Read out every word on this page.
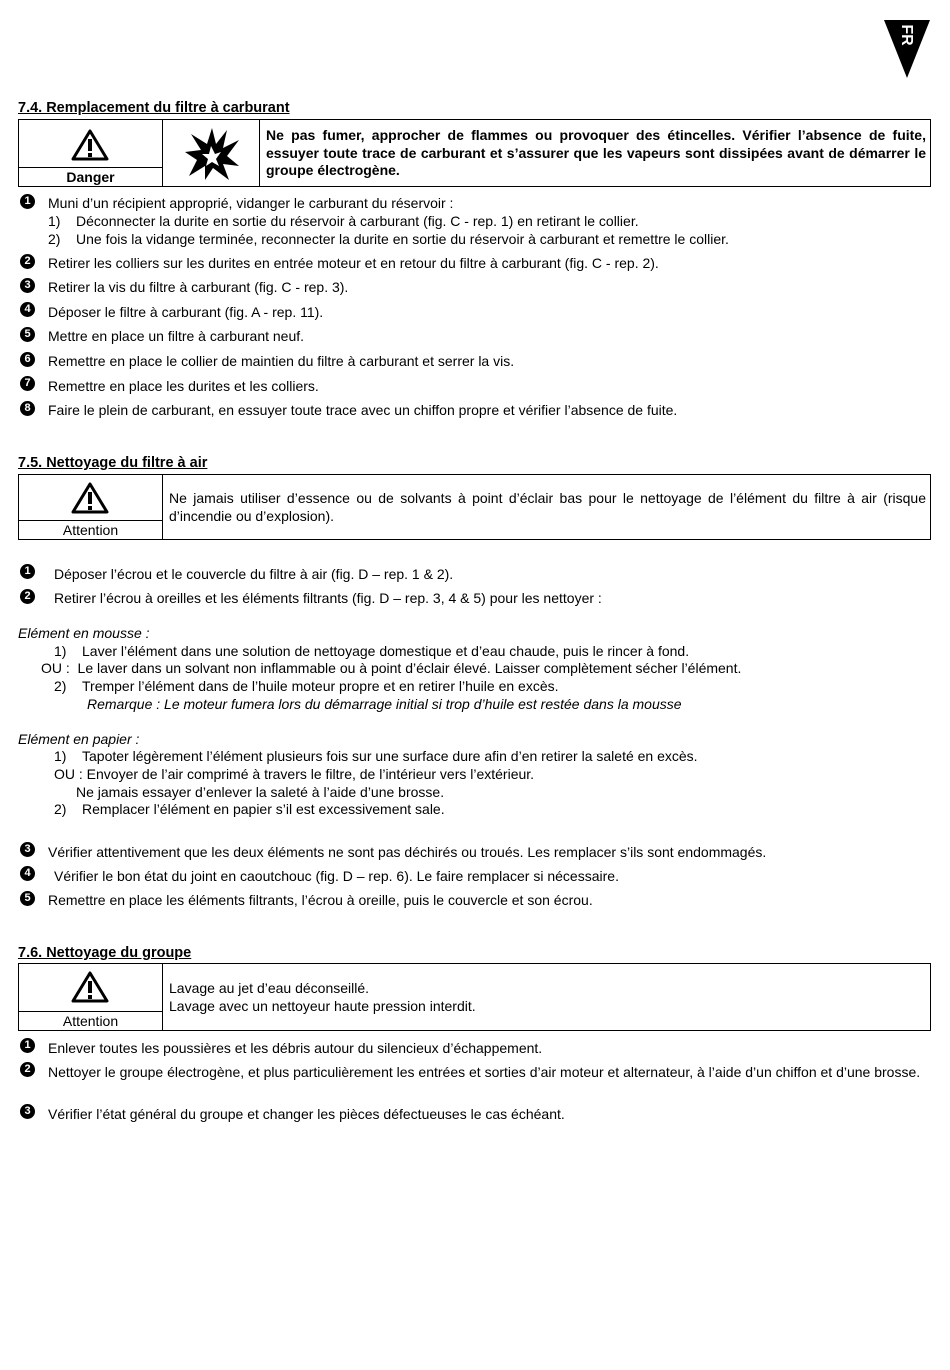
FR
7.4. Remplacement du filtre à carburant
Danger
Ne pas fumer, approcher de flammes ou provoquer des étincelles. Vérifier l’absence de fuite, essuyer toute trace de carburant et s’assurer que les vapeurs sont dissipées avant de démarrer le groupe électrogène.
1	Muni d’un récipient approprié, vidanger le carburant du réservoir :
1)    Déconnecter la durite en sortie du réservoir à carburant (fig. C - rep. 1) en retirant le collier.
2)    Une fois la vidange terminée, reconnecter la durite en sortie du réservoir à carburant et remettre le collier.
2	Retirer les colliers sur les durites en entrée moteur et en retour du filtre à carburant (fig. C - rep. 2).
3	Retirer la vis du filtre à carburant (fig. C - rep. 3).
4	Déposer le filtre à carburant (fig. A - rep. 11).
5	Mettre en place un filtre à carburant neuf.
6	Remettre en place le collier de maintien du filtre à carburant et serrer la vis.
7	Remettre en place les durites et les colliers.
8	Faire le plein de carburant, en essuyer toute trace avec un chiffon propre et vérifier l’absence de fuite.
7.5. Nettoyage du filtre à air
Attention
Ne jamais utiliser d’essence ou de solvants à point d’éclair bas pour le nettoyage de l’élément du filtre à air (risque d’incendie ou d’explosion).
1	Déposer l’écrou et le couvercle du filtre à air (fig. D – rep. 1 & 2).
2	Retirer l’écrou à oreilles et les éléments filtrants (fig. D – rep. 3, 4 & 5) pour les nettoyer :
Elément en mousse :
1)    Laver l’élément dans une solution de nettoyage domestique et d’eau chaude, puis le rincer à fond.
OU :  Le laver dans un solvant non inflammable ou à point d’éclair élevé. Laisser complètement sécher l’élément.
2)    Tremper l’élément dans de l’huile moteur propre et en retirer l’huile en excès.
Remarque : Le moteur fumera lors du démarrage initial si trop d’huile est restée dans la mousse
Elément en papier :
1)    Tapoter légèrement l’élément plusieurs fois sur une surface dure afin d’en retirer la saleté en excès.
OU : Envoyer de l’air comprimé à travers le filtre, de l’intérieur vers l’extérieur.
Ne jamais essayer d’enlever la saleté à l’aide d’une brosse.
2)    Remplacer l’élément en papier s’il est excessivement sale.
3	Vérifier attentivement que les deux éléments ne sont pas déchirés ou troués. Les remplacer s’ils sont endommagés.
4	Vérifier le bon état du joint en caoutchouc (fig. D – rep. 6). Le faire remplacer si nécessaire.
5	Remettre en place les éléments filtrants, l’écrou à oreille, puis le couvercle et son écrou.
7.6. Nettoyage du groupe
Attention
Lavage au jet d’eau déconseillé.
Lavage avec un nettoyeur haute pression interdit.
1	Enlever toutes les poussières et les débris autour du silencieux d’échappement.
2	Nettoyer le groupe électrogène, et plus particulièrement les entrées et sorties d’air moteur et alternateur, à l’aide d’un chiffon et d’une brosse.
3	Vérifier l’état général du groupe et changer les pièces défectueuses le cas échéant.
